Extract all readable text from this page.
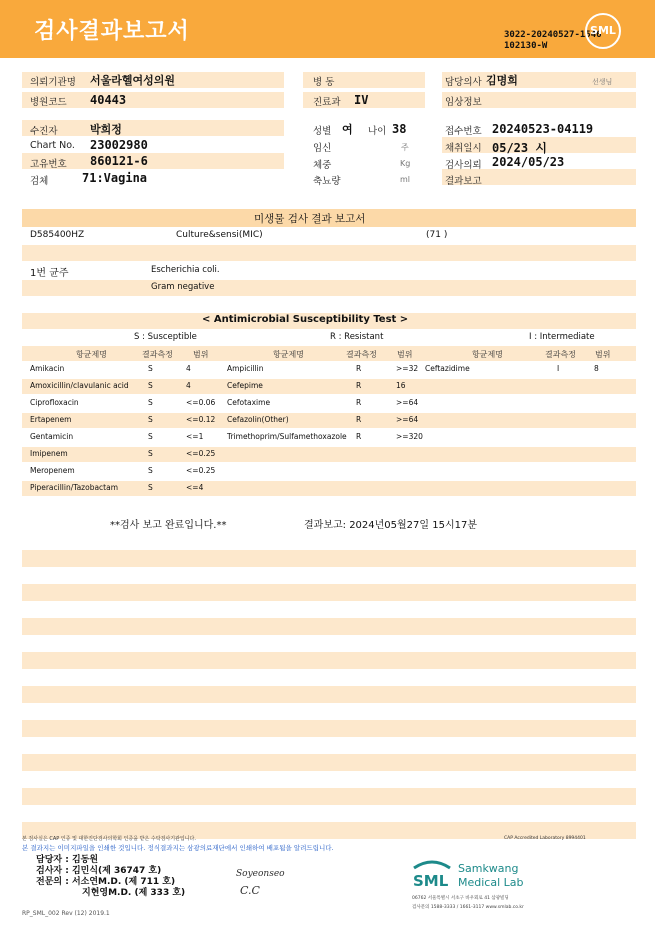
검사결과보고서	3022-20240527-1546
102130-W
SML
의뢰기관명 서울라헬여성의원
병원코드 40443
병 동
진료과 IV
담당의사 김명희	선생님
임상정보
수진자	박희정
Chart No. 23002980
고유번호 860121-6
검체	71:Vagina
성별 여 나이 38
임신	주
체중	Kg
축뇨량	ml
접수번호 20240523-04119
채취일시 05/23 시
검사의뢰 2024/05/23
결과보고
미생물 검사 결과 보고서
D585400HZ	Culture&sensi(MIC)	(71 )
1번 균주	Escherichia coli.
Gram negative
< Antimicrobial Susceptibility Test >
S : Susceptible	R : Resistant	I : Intermediate
항균제명	결과측정	범위	항균제명	결과측정	범위	항균제명	결과측정 범위
Amikacin	S	4
Amoxicillin/clavulanic acid	S	4
Ciprofloxacin	S	<=0.06
Ertapenem	S	<=0.12
Gentamicin	S	<=1
Imipenem	S	<=0.25
Meropenem	S	<=0.25
Piperacillin/Tazobactam	S	<=4
Ampicillin	R	>=32
Cefepime	R	16
Cefotaxime	R	>=64
Cefazolin(Other)	R	>=64
Trimethoprim/Sulfamethoxazole R	>=320
Ceftazidime	I	8
**검사 보고 완료입니다.**	결과보고: 2024년05월27일 15시17분
본 검사실은 CAP 인증 및 대한진단검사의학회 인증을 받은 수탁검사기관입니다.	CAP Accredited Laboratory 8994401
본 결과지는 이미지파일을 인쇄한 것입니다. 정식결과지는 삼광의료재단에서 인쇄하여 배포됨을 알려드립니다.
담당자 : 김동원
검사자 : 김민식(제 36747 호)
전문의 : 서소연M.D. (제 711 호)
지현영M.D. (제 333 호)
Soyeonseo
C.C
SML
Samkwang
Medical Lab
06762 서울특별시 서초구 바우뫼로 41 삼광빌딩
검사문의 1588-3333 / 1661-3117 www.smlab.co.kr
RP_SML_002 Rev (12) 2019.1
